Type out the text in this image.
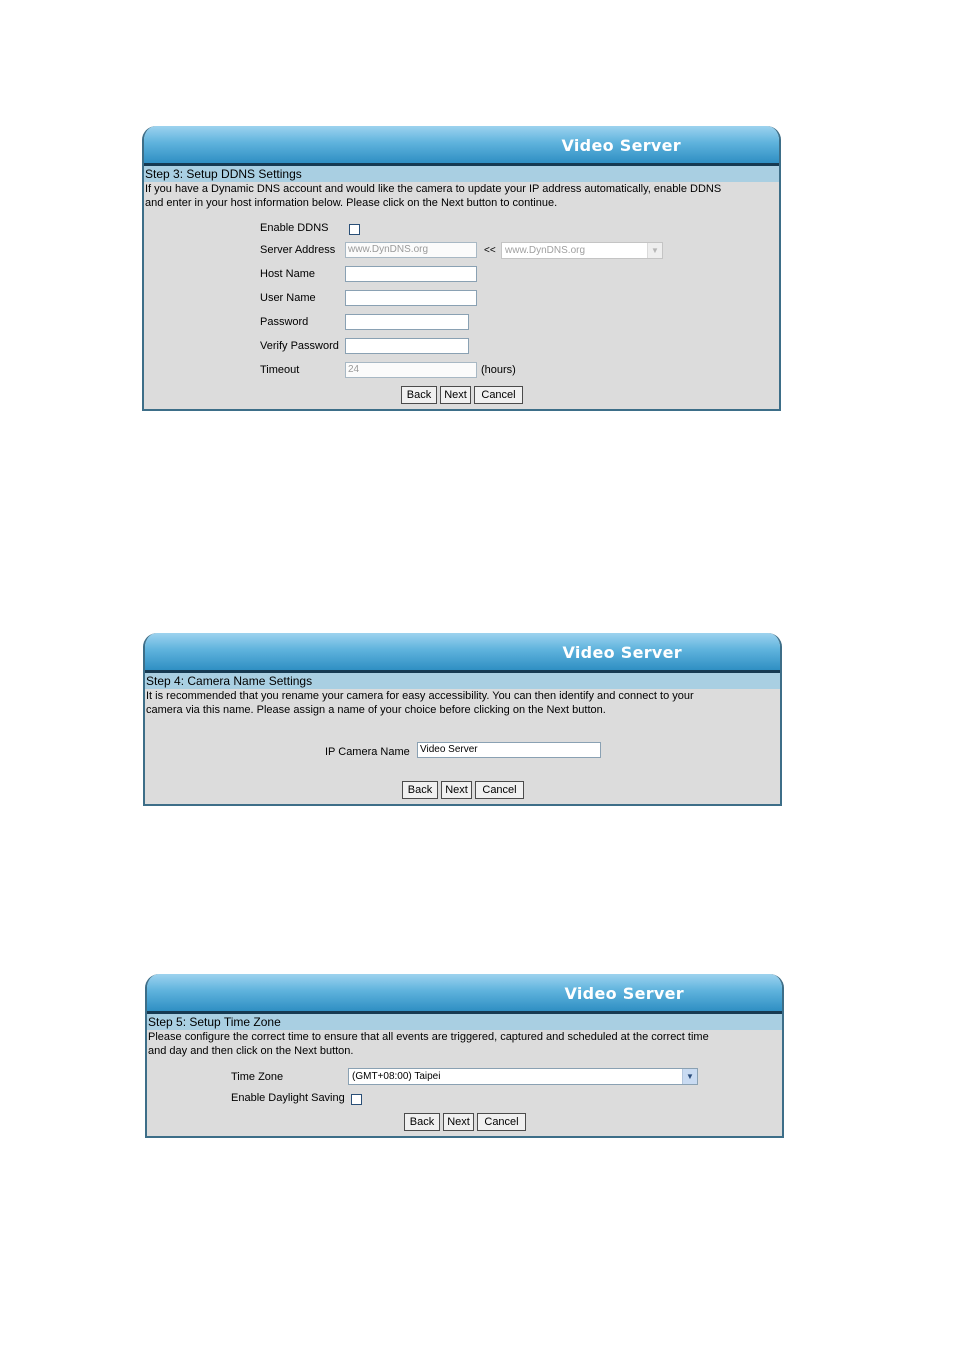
Video Server
Step 3: Setup DDNS Settings
If you have a Dynamic DNS account and would like the camera to update your IP address automatically, enable DDNS
and enter in your host information below. Please click on the Next button to continue.
Enable DDNS
Server Address	www.DynDNS.org	<< www.DynDNS.org	▼
Host Name
User Name
Password
Verify Password
Timeout	24	(hours)
Back	Next	Cancel
Video Server
Step 4: Camera Name Settings
It is recommended that you rename your camera for easy accessibility. You can then identify and connect to your
camera via this name. Please assign a name of your choice before clicking on the Next button.
IP Camera Name	Video Server
Back	Next	Cancel
Video Server
Step 5: Setup Time Zone
Please configure the correct time to ensure that all events are triggered, captured and scheduled at the correct time
and day and then click on the Next button.
Time Zone	(GMT+08:00) Taipei	▼
Enable Daylight Saving
Back	Next	Cancel
